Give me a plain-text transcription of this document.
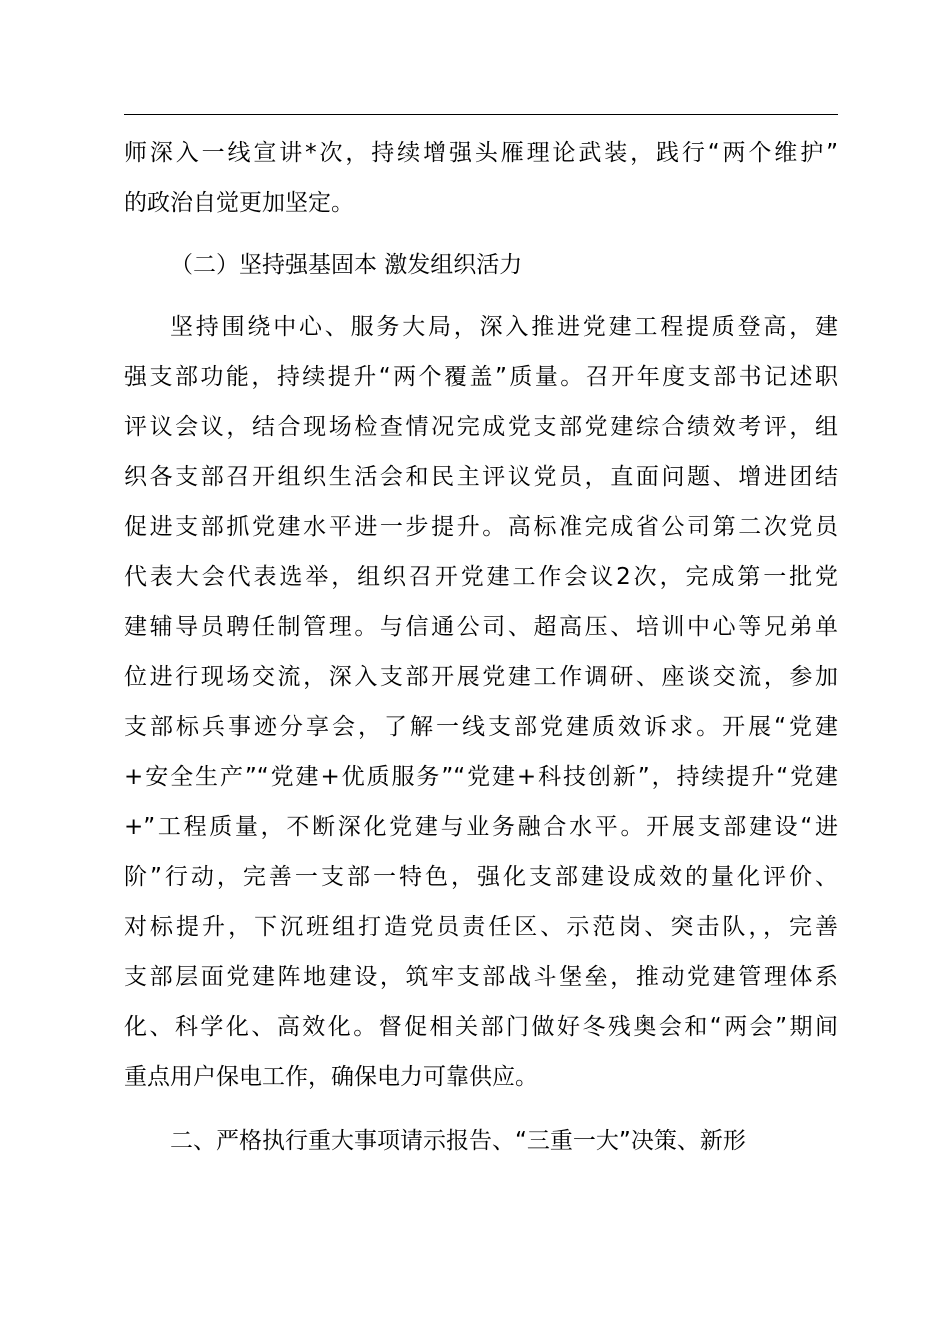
师深入一线宣讲*次，持续增强头雁理论武装，践行“两个维护”
的政治自觉更加坚定。
（二）坚持强基固本 激发组织活力
坚持围绕中心、服务大局，深入推进党建工程提质登高，建
强支部功能，持续提升“两个覆盖”质量。召开年度支部书记述职
评议会议，结合现场检查情况完成党支部党建综合绩效考评，组
织各支部召开组织生活会和民主评议党员，直面问题、增进团结
促进支部抓党建水平进一步提升。高标准完成省公司第二次党员
代表大会代表选举，组织召开党建工作会议2次，完成第一批党
建辅导员聘任制管理。与信通公司、超高压、培训中心等兄弟单
位进行现场交流，深入支部开展党建工作调研、座谈交流，参加
支部标兵事迹分享会，了解一线支部党建质效诉求。开展“党建
+安全生产”“党建+优质服务”“党建+科技创新”，持续提升“党建
+”工程质量，不断深化党建与业务融合水平。开展支部建设“进
阶”行动，完善一支部一特色，强化支部建设成效的量化评价、
对标提升，下沉班组打造党员责任区、示范岗、突击队，，完善
支部层面党建阵地建设，筑牢支部战斗堡垒，推动党建管理体系
化、科学化、高效化。督促相关部门做好冬残奥会和“两会”期间
重点用户保电工作，确保电力可靠供应。
二、严格执行重大事项请示报告、“三重一大”决策、新形
